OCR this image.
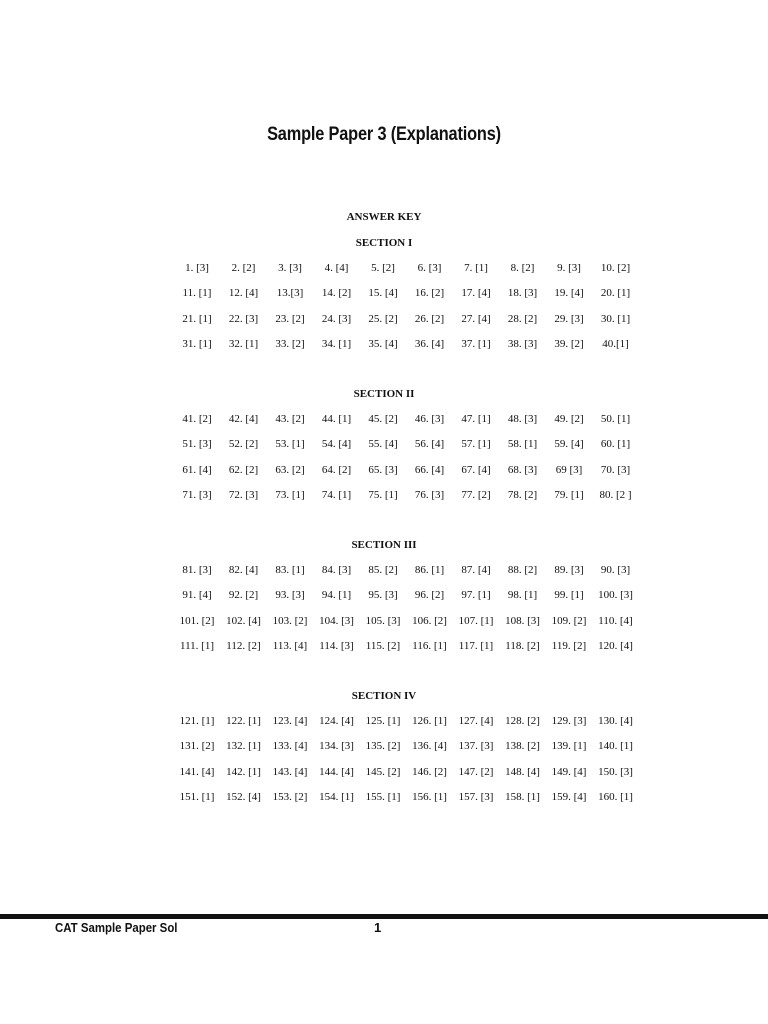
Sample Paper 3 (Explanations)
ANSWER KEY
SECTION I
1. [3]	2. [2]	3. [3]	4. [4]	5. [2]	6. [3]	7. [1]	8. [2]	9. [3]	10. [2]
11. [1]	12. [4]	13.[3]	14. [2]	15. [4]	16. [2]	17. [4]	18. [3]	19. [4]	20. [1]
21. [1]	22. [3]	23. [2]	24. [3]	25. [2]	26. [2]	27. [4]	28. [2]	29. [3]	30. [1]
31. [1]	32. [1]	33. [2]	34. [1]	35. [4]	36. [4]	37. [1]	38. [3]	39. [2]	40.[1]
SECTION II
41. [2]	42. [4]	43. [2]	44. [1]	45. [2]	46. [3]	47. [1]	48. [3]	49. [2]	50. [1]
51. [3]	52. [2]	53. [1]	54. [4]	55. [4]	56. [4]	57. [1]	58. [1]	59. [4]	60. [1]
61. [4]	62. [2]	63. [2]	64. [2]	65. [3]	66. [4]	67. [4]	68. [3]	69 [3]	70. [3]
71. [3]	72. [3]	73. [1]	74. [1]	75. [1]	76. [3]	77. [2]	78. [2]	79. [1]	80. [2 ]
SECTION III
81. [3]	82. [4]	83. [1]	84. [3]	85. [2]	86. [1]	87. [4]	88. [2]	89. [3]	90. [3]
91. [4]	92. [2]	93. [3]	94. [1]	95. [3]	96. [2]	97. [1]	98. [1]	99. [1]	100. [3]
101. [2]	102. [4]	103. [2]	104. [3]	105. [3]	106. [2]	107. [1]	108. [3]	109. [2]	110. [4]
111. [1]	112. [2]	113. [4]	114. [3]	115. [2]	116. [1]	117. [1]	118. [2]	119. [2]	120. [4]
SECTION IV
121. [1]	122. [1]	123. [4]	124. [4]	125. [1]	126. [1]	127. [4]	128. [2]	129. [3]	130. [4]
131. [2]	132. [1]	133. [4]	134. [3]	135. [2]	136. [4]	137. [3]	138. [2]	139. [1]	140. [1]
141. [4]	142. [1]	143. [4]	144. [4]	145. [2]	146. [2]	147. [2]	148. [4]	149. [4]	150. [3]
151. [1]	152. [4]	153. [2]	154. [1]	155. [1]	156. [1]	157. [3]	158. [1]	159. [4]	160. [1]
CAT Sample Paper Sol	1
